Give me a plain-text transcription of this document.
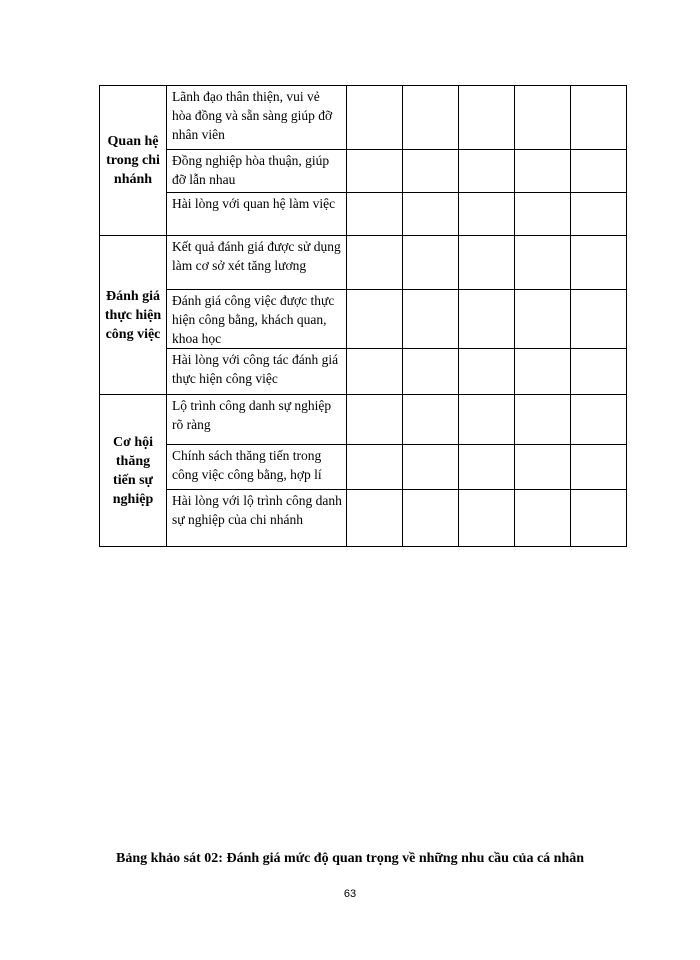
Quan hệ trong chi nhánh	Lãnh đạo thân thiện, vui vẻ hòa đồng và sẵn sàng giúp đỡ nhân viên					
	Đồng nghiệp hòa thuận, giúp đỡ lẫn nhau					
	Hài lòng với quan hệ làm việc					

Đánh giá thực hiện công việc	Kết quả đánh giá được sử dụng làm cơ sở xét tăng lương					
	Đánh giá công việc được thực hiện công bằng, khách quan, khoa học					
	Hài lòng với công tác đánh giá thực hiện công việc					

Cơ hội thăng tiến sự nghiệp	Lộ trình công danh sự nghiệp rõ ràng					
	Chính sách thăng tiến trong công việc công bằng, hợp lí					
	Hài lòng với lộ trình công danh sự nghiệp của chi nhánh					
Bảng khảo sát 02: Đánh giá mức độ quan trọng về những nhu cầu của cá nhân
63
